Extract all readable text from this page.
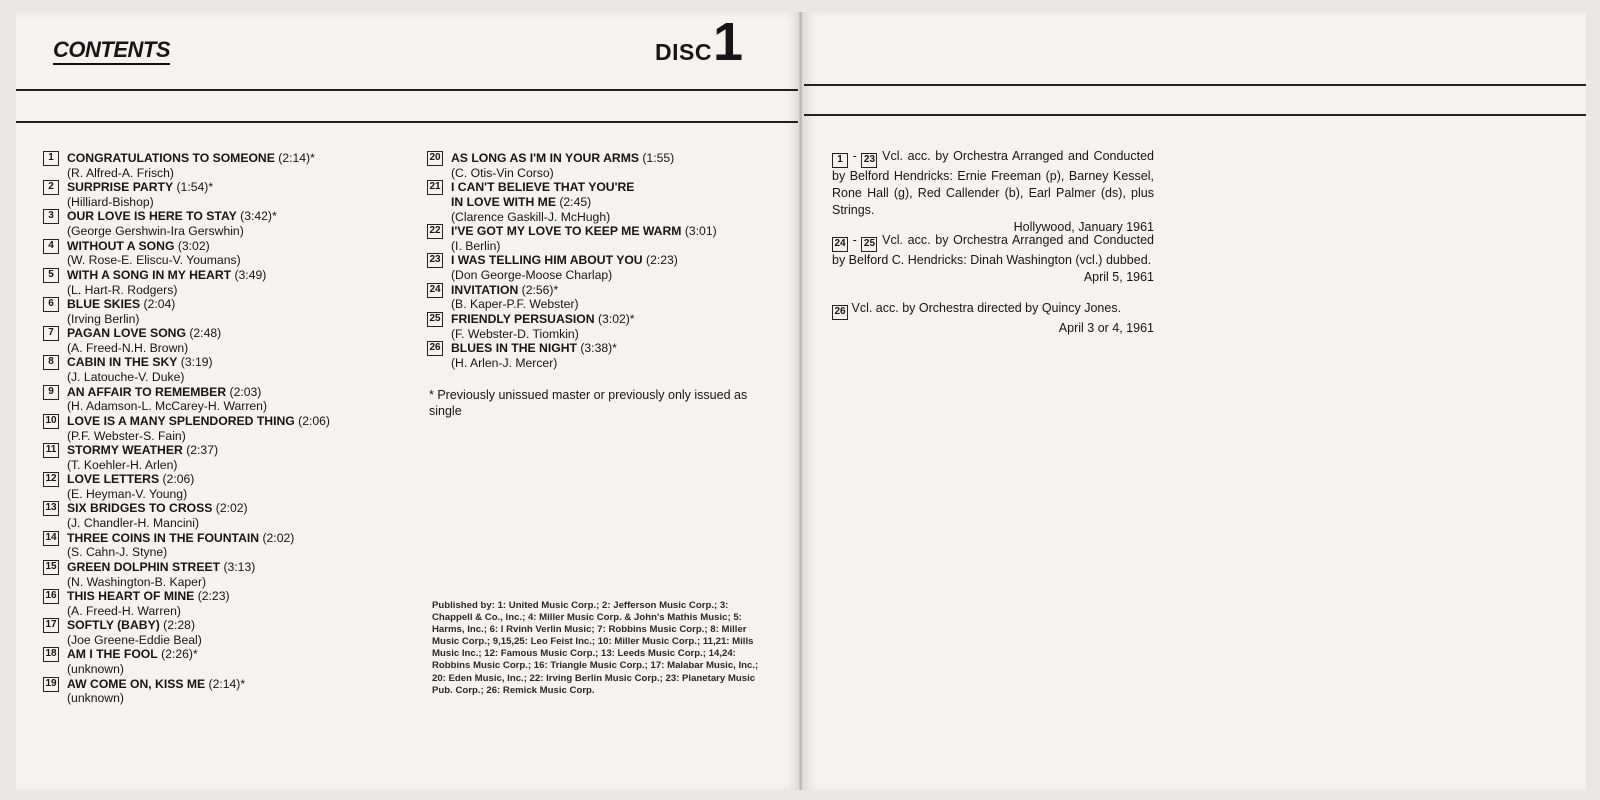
CONTENTS	DISC 1
1	CONGRATULATIONS TO SOMEONE (2:14)*
(R. Alfred-A. Frisch)
2	SURPRISE PARTY (1:54)*
(Hilliard-Bishop)
3	OUR LOVE IS HERE TO STAY (3:42)*
(George Gershwin-Ira Gerswhin)
4	WITHOUT A SONG (3:02)
(W. Rose-E. Eliscu-V. Youmans)
5	WITH A SONG IN MY HEART (3:49)
(L. Hart-R. Rodgers)
6	BLUE SKIES (2:04)
(Irving Berlin)
7	PAGAN LOVE SONG (2:48)
(A. Freed-N.H. Brown)
8	CABIN IN THE SKY (3:19)
(J. Latouche-V. Duke)
9	AN AFFAIR TO REMEMBER (2:03)
(H. Adamson-L. McCarey-H. Warren)
10 LOVE IS A MANY SPLENDORED THING (2:06)
(P.F. Webster-S. Fain)
11 STORMY WEATHER (2:37)
(T. Koehler-H. Arlen)
12 LOVE LETTERS (2:06)
(E. Heyman-V. Young)
13 SIX BRIDGES TO CROSS (2:02)
(J. Chandler-H. Mancini)
14 THREE COINS IN THE FOUNTAIN (2:02)
(S. Cahn-J. Styne)
15 GREEN DOLPHIN STREET (3:13)
(N. Washington-B. Kaper)
16 THIS HEART OF MINE (2:23)
(A. Freed-H. Warren)
17 SOFTLY (BABY) (2:28)
(Joe Greene-Eddie Beal)
18 AM I THE FOOL (2:26)*
(unknown)
19 AW COME ON, KISS ME (2:14)*
(unknown)
20 AS LONG AS I'M IN YOUR ARMS (1:55)
(C. Otis-Vin Corso)
21 I CAN'T BELIEVE THAT YOU'RE
IN LOVE WITH ME (2:45)
(Clarence Gaskill-J. McHugh)
22 I'VE GOT MY LOVE TO KEEP ME WARM (3:01)
(I. Berlin)
23 I WAS TELLING HIM ABOUT YOU (2:23)
(Don George-Moose Charlap)
24 INVITATION (2:56)*
(B. Kaper-P.F. Webster)
25 FRIENDLY PERSUASION (3:02)*
(F. Webster-D. Tiomkin)
26 BLUES IN THE NIGHT (3:38)*
(H. Arlen-J. Mercer)
* Previously unissued master or previously only issued as single
Published by: 1: United Music Corp.; 2: Jefferson Music Corp.; 3: Chappell & Co., Inc.; 4: Miller Music Corp. & John's Mathis Music; 5: Harms, Inc.; 6: I Rvinh Verlin Music; 7: Robbins Music Corp.; 8: Miller Music Corp.; 9,15,25: Leo Feist Inc.; 10: Miller Music Corp.; 11,21: Mills Music Inc.; 12: Famous Music Corp.; 13: Leeds Music Corp.; 14,24: Robbins Music Corp.; 16: Triangle Music Corp.; 17: Malabar Music, Inc.; 20: Eden Music, Inc.; 22: Irving Berlin Music Corp.; 23: Planetary Music Pub. Corp.; 26: Remick Music Corp.
1 - 23 Vcl. acc. by Orchestra Arranged and Conducted by Belford Hendricks: Ernie Freeman (p), Barney Kessel, Rone Hall (g), Red Callender (b), Earl Palmer (ds), plus Strings.
Hollywood, January 1961
24 - 25 Vcl. acc. by Orchestra Arranged and Conducted by Belford C. Hendricks: Dinah Washington (vcl.) dubbed.
April 5, 1961
26 Vcl. acc. by Orchestra directed by Quincy Jones.
April 3 or 4, 1961
